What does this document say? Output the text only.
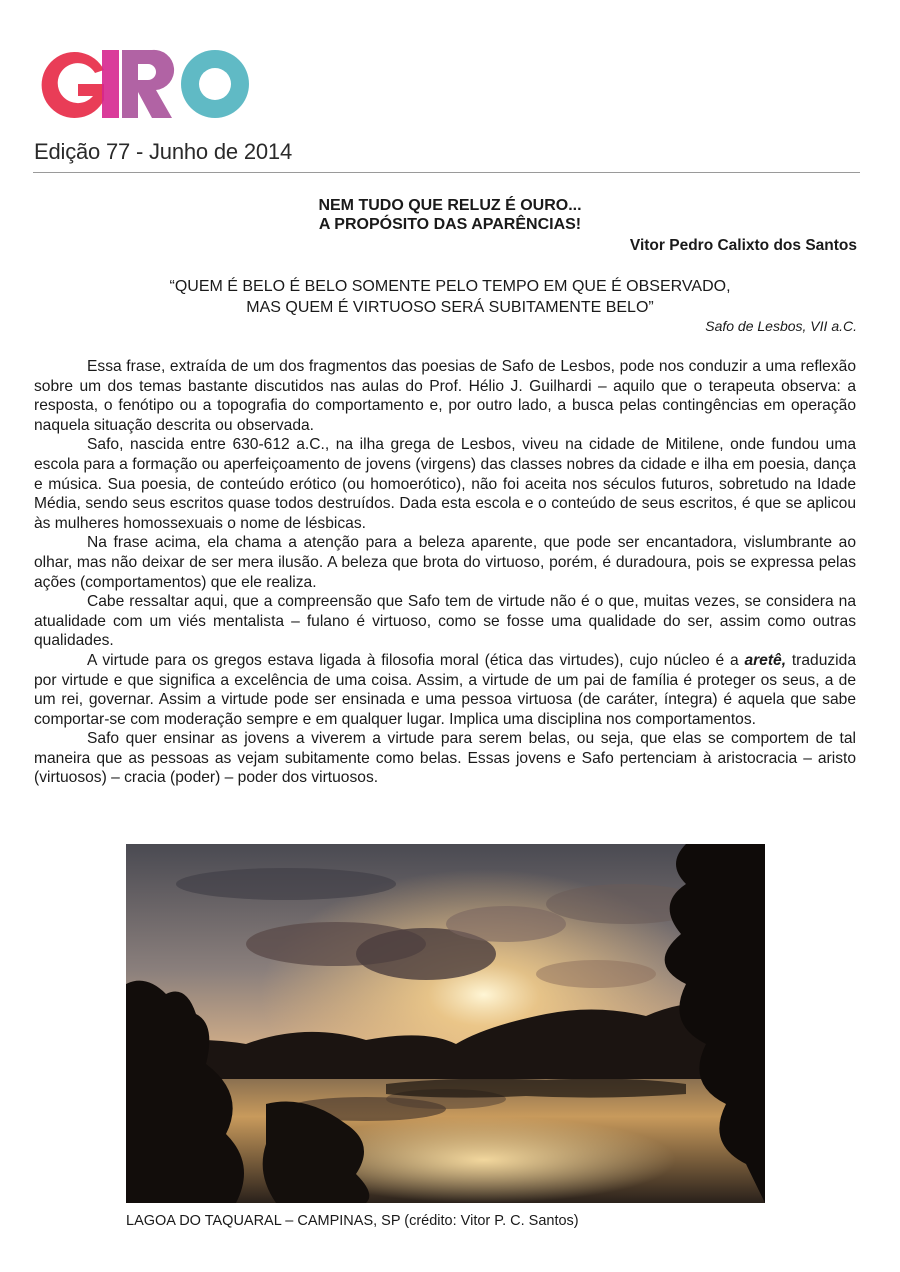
Edição 77 - Junho de 2014
NEM TUDO QUE RELUZ É OURO...
A PROPÓSITO DAS APARÊNCIAS!
Vitor Pedro Calixto dos Santos
“QUEM É BELO É BELO SOMENTE PELO TEMPO EM QUE É OBSERVADO,
MAS QUEM É VIRTUOSO SERÁ SUBITAMENTE BELO”
Safo de Lesbos, VII a.C.

Essa frase, extraída de um dos fragmentos das poesias de Safo de Lesbos, pode nos conduzir a uma reflexão sobre um dos temas bastante discutidos nas aulas do Prof. Hélio J. Guilhardi – aquilo que o terapeuta observa: a resposta, o fenótipo ou a topografia do comportamento e, por outro lado, a busca pelas contingências em operação naquela situação descrita ou observada.

Safo, nascida entre 630-612 a.C., na ilha grega de Lesbos, viveu na cidade de Mitilene, onde fundou uma escola para a formação ou aperfeiçoamento de jovens (virgens) das classes nobres da cidade e ilha em poesia, dança e música. Sua poesia, de conteúdo erótico (ou homoerótico), não foi aceita nos séculos futuros, sobretudo na Idade Média, sendo seus escritos quase todos destruídos. Dada esta escola e o conteúdo de seus escritos, é que se aplicou às mulheres homossexuais o nome de lésbicas.

Na frase acima, ela chama a atenção para a beleza aparente, que pode ser encantadora, vislumbrante ao olhar, mas não deixar de ser mera ilusão. A beleza que brota do virtuoso, porém, é duradoura, pois se expressa pelas ações (comportamentos) que ele realiza.

Cabe ressaltar aqui, que a compreensão que Safo tem de virtude não é o que, muitas vezes, se considera na atualidade com um viés mentalista – fulano é virtuoso, como se fosse uma qualidade do ser, assim como outras qualidades.

A virtude para os gregos estava ligada à filosofia moral (ética das virtudes), cujo núcleo é a aretê, traduzida por virtude e que significa a excelência de uma coisa. Assim, a virtude de um pai de família é proteger os seus, a de um rei, governar. Assim a virtude pode ser ensinada e uma pessoa virtuosa (de caráter, íntegra) é aquela que sabe comportar-se com moderação sempre e em qualquer lugar. Implica uma disciplina nos comportamentos.

Safo quer ensinar as jovens a viverem a virtude para serem belas, ou seja, que elas se comportem de tal maneira que as pessoas as vejam subitamente como belas. Essas jovens e Safo pertenciam à aristocracia – aristo (virtuosos) – cracia (poder) – poder dos virtuosos.

LAGOA DO TAQUARAL – CAMPINAS, SP (crédito: Vitor P. C. Santos)
